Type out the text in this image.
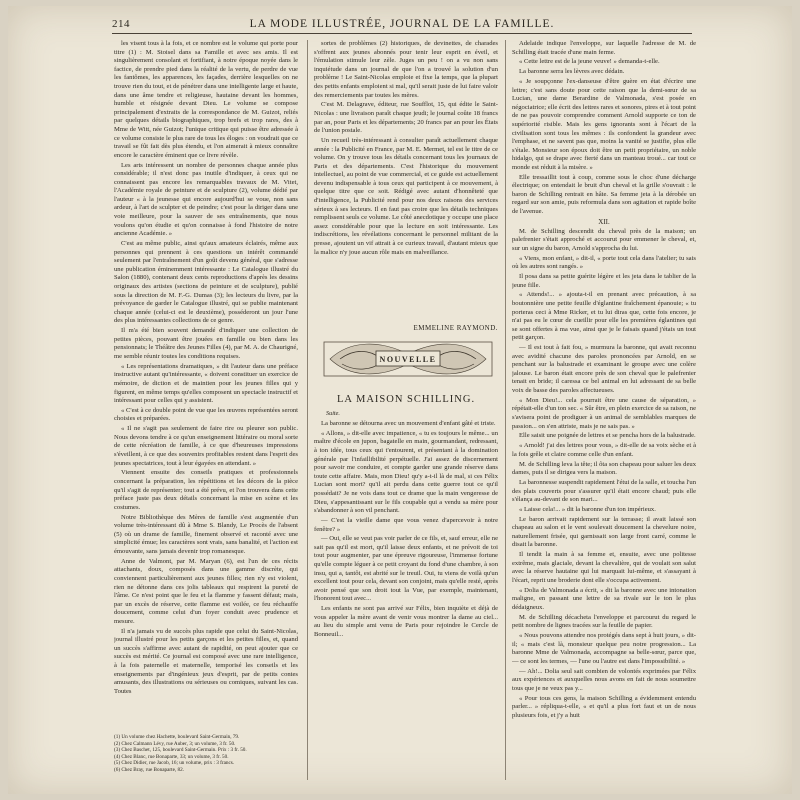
214	LA MODE ILLUSTRÉE, JOURNAL DE LA FAMILLE.

les visent tous à la fois, et ce nombre est le volume qui porte pour titre (1) : M. Stoisel dans sa Famille et avec ses amis. Il est singulièrement consolant et fortifiant, à notre époque noyée dans le factice, de prendre pied dans la réalité de la vertu, de perdre de vue les fantômes, les apparences, les façades, derrière lesquelles on ne trouve rien du tout, et de pénétrer dans une intelligente large et haute, dans une âme tendre et religieuse, hautaine devant les hommes, humble et résignée devant Dieu. Le volume se compose principalement d'extraits de la correspondance de M. Guizot, reliés par quelques détails biographiques, trop brefs et trop rares, des à Mme de Witt, née Guizot; l'unique critique qui puisse être adressée à ce volume consiste le plus rare de tous les éloges : on voudrait que ce travail se fût fait dès plus étendu, et l'on aimerait à mieux connaître encore le caractère éminent que ce livre révèle.

Les arts intéressent un nombre de personnes chaque année plus considérable; il n'est donc pas inutile d'indiquer, à ceux qui ne connaissent pas encore les remarquables travaux de M. Vitet, l'Académie royale de peinture et de sculpture (2), volume dédié par l'auteur « à la jeunesse qui encore aujourd'hui se voue, non sans ardeur, à l'art de sculpter et de peindre; c'est pour la diriger dans une voie meilleure, pour la sauver de ses entraînements, que nous voulons qu'on étudie et qu'on connaisse à fond l'histoire de notre ancienne Académie. »

C'est au même public, ainsi qu'aux amateurs éclairés, même aux personnes qui prennent à ces questions un intérêt commandé seulement par l'entraînement d'un goût devenu général, que s'adresse une publication éminemment intéressante : Le Catalogue illustré du Salon (1880), contenant deux cents reproductions d'après les dessins originaux des artistes (sections de peinture et de sculpture), publié sous la direction de M. F.-G. Dumas (3); les lecteurs du livre, par la prévoyance de garder le Catalogue illustré, qui se publie maintenant chaque année (celui-ci est le deuxième), posséderont un jour l'une des plus intéressantes collections de ce genre.

Il m'a été bien souvent demandé d'indiquer une collection de petites pièces, pouvant être jouées en famille ou bien dans les pensionnats; le Théâtre des Jeunes Filles (4), par M. A. de Chaurigné, me semble réunir toutes les conditions requises.

« Les représentations dramatiques, » dit l'auteur dans une préface instructive autant qu'intéressante, « doivent constituer un exercice de mémoire, de diction et de maintien pour les jeunes filles qui y figurent, en même temps qu'elles composent un spectacle instructif et intéressant pour celles qui y assistent.

« C'est à ce double point de vue que les œuvres représentées seront choisies et préparées.

« Il ne s'agit pas seulement de faire rire ou pleurer son public. Nous devons tendre à ce qu'un enseignement littéraire ou moral sorte de cette récréation de famille, à ce que d'heureuses impressions s'éveillent, à ce que des souvenirs profitables restent dans l'esprit des jeunes spectatrices, tout à leur égayées en attendant. »

Viennent ensuite des conseils pratiques et professionnels concernant la préparation, les répétitions et les décors de la pièce qu'il s'agit de représenter; tout a été prévu, et l'on trouvera dans cette préface juste pas deux détails concernant la mise en scène et les costumes.

Notre Bibliothèque des Mères de famille s'est augmentée d'un volume très-intéressant dû à Mme S. Blandy, Le Procès de l'absent (5) où un drame de famille, finement observé et raconté avec une simplicité émue; les caractères sont vrais, sans banalité, et l'action est émouvante, sans jamais devenir trop romanesque.

Anne de Valmont, par M. Maryan (6), est l'un de ces récits attachants, doux, composés dans une gamme discrète, qui conviennent particulièrement aux jeunes filles; rien n'y est violent, rien ne détonne dans ces jolis tableaux qui respirent la pureté de l'âme. Ce n'est point que le feu et la flamme y fassent défaut; mais, par un excès de réserve, cette flamme est voilée, ce feu réchauffe doucement, comme celui d'un foyer conduit avec prudence et mesure.

Il n'a jamais vu de succès plus rapide que celui du Saint-Nicolas, journal illustré pour les petits garçons et les petites filles, et, quand un succès s'affirme avec autant de rapidité, on peut ajouter que ce succès est mérité. Ce journal est composé avec une rare intelligence, à la fois paternelle et maternelle, temporisé les conseils et les enseignements par d'ingénieux jeux d'esprit, par de petits contes amusants, des illustrations ou sérieuses ou comiques, suivant les cas. Toutes

(1) Un volume chez Hachette, boulevard Saint-Germain, 79.
(2) Chez Calmann Lévy, rue Auber, 3; un volume, 3 fr. 50.
(3) Chez Baschet, 125, boulevard Saint-Germain. Prix : 3 fr. 50.
(4) Chez Blanc, rue Bonaparte, 33; un volume, 3 fr. 50.
(5) Chez Didier, rue Jacob, 16; un volume, prix : 3 francs.
(6) Chez Bray, rue Bonaparte, 82.

sortes de problèmes (2) historiques, de devinettes, de charades s'offrent aux jeunes abonnés pour tenir leur esprit en éveil, et l'émulation stimule leur zèle. Juges un peu ! on a vu non sans inquiétude dans un journal de que l'on a trouvé la solution d'un problème ! Le Saint-Nicolas emploie et fixe la temps, que la plupart des petits enfants emploient si mal, qu'il serait juste de lui faire valoir des remerciements par toutes les mères.

C'est M. Delagrave, éditeur, rue Soufflot, 15, qui édite le Saint-Nicolas : une livraison paraît chaque jeudi; le journal coûte 18 francs par an, pour Paris et les départements; 20 francs par an pour les États de l'union postale.

Un recueil très-intéressant à consulter paraît actuellement chaque année : la Publicité en France, par M. E. Mermet, tel est le titre de ce volume. On y trouve tous les détails concernant tous les journaux de Paris et des départements. C'est l'historique du mouvement intellectuel, au point de vue commercial, et ce guide est actuellement devenu indispensable à tous ceux qui participent à ce mouvement, à quelque titre que ce soit. Rédigé avec autant d'honnêteté que d'intelligence, la Publicité rend pour nos deux raisons des services sérieux à ses lecteurs. Il en faut pas croire que les détails techniques remplissent seuls ce volume. Le côté anecdotique y occupe une place assez considérable pour que la lecture en soit intéressante. Les indiscrétions, les révélations concernant le personnel militant de la presse, ajoutent un vif attrait à ce curieux travail, d'autant mieux que la malice n'y joue aucun rôle mais en malveillance.

EMMELINE RAYMOND.
NOUVELLE
LA MAISON SCHILLING.
Suite.

La baronne se détourna avec un mouvement d'enfant gâté et triste.

« Allons, » dit-elle avec impatience, « tu es toujours le même... un maître d'école en jupon, bagatelle en main, gourmandant, redressant, à ton idée, tous ceux qui t'entourent, et présentant à la domination générale par l'infaillibilité perpétuelle. J'ai assez de discernement pour savoir me conduire, et compte garder une grande réserve dans toute cette affaire. Mais, mon Dieu! qu'y a-t-il là de mal, si ces Félix Lucian sont mort? qu'il ait perdu dans cette guerre tout ce qu'il possédait? Je ne vois dans tout ce drame que la main vengeresse de Dieu, s'appesantissant sur le fils coupable qui a vendu sa mère pour s'abandonner à son vil penchant.

— C'est la vieille dame que vous venez d'apercevoir à notre fenêtre? »

— Oui, elle se veut pas voir parler de ce fils, et, sauf erreur, elle ne sait pas qu'il est mort, qu'il laisse deux enfants, et ne prévoit de toi tout pour augmenter, par une épreuve rigoureuse, l'immense fortune qu'elle compte léguer à ce petit croyant du fond d'une chambre, à son insu, qui a, tantôt, est abrité sur le treuil. Oui, tu viens de voilà qu'un excellent tout pour cela, devant son conjoint, mais qu'elle resté, après avoir pensé que son droit tout la Vue, par exemple, maintenant, l'honorent tout avec...

Les enfants ne sont pas arrivé sur Félix, bien inquiète et déjà de vous appeler la mère avant de venir vous montrer la dame au ciel... au lieu du simple ami venu de Paris pour rejoindre le Cercle de Bonneuil...

Adelaide indique l'enveloppe, sur laquelle l'adresse de M. de Schilling était tracée d'une main ferme.

« Cette lettre est de la jeune veuve! » demanda-t-elle.

La baronne serra les lèvres avec dédain.

« Je soupçonne l'ex-danseuse d'être guère en état d'écrire une lettre; c'est sans doute pour cette raison que la demi-sœur de sa Lucian, une dame Berardine de Valmonada, s'est posée en négociatrice; elle écrit des lettres rares et sonores, pires et à tout point de ne pas pouvoir comprendre comment Arnold supporte ce ton de supériorité risible. Mais les gens ignorants sont à l'écart de la civilisation sont tous les mêmes : ils confondent la grandeur avec l'emphase, et ne savent pas que, moins la vanité se justifie, plus elle s'étale. Monsieur son époux doit être un petit propriétaire, un noble hidalgo, qui se drape avec fierté dans un manteau troué... car tout ce monde est réduit à la misère. »

Elle tressaillit tout à coup, comme sous le choc d'une décharge électrique; on entendait le bruit d'un cheval et la grille s'ouvrait : le baron de Schilling rentrait en hâte. Sa femme jeta à la dérobée un regard sur son amie, puis reformula dans son agitation et rapide boîte de l'avenue.

XII.

M. de Schilling descendit du cheval près de la maison; un palefrenier s'était approché et accourut pour emmener le cheval, et, sur un signe du baron, Arnold s'approcha du lui.

« Viens, mon enfant, » dit-il, « porte tout cela dans l'atelier; tu sais où les autres sont rangés. »

Il posa dans sa petite guérite légère et les jeta dans le tablier de la jeune fille.

« Attends!... » ajouta-t-il en prenant avec précaution, à sa boutonnière une petite feuille d'églantine fraîchement épanouie; « tu porteras ceci à Mme Ricker, et tu lui diras que, cette fois encore, je n'ai pas eu le cœur de cueillir pour elle les premières églantines qui se sont offertes à ma vue, ainsi que je le faisais quand j'étais un tout petit garçon.

— Il est tout à fait fou, » murmura la baronne, qui avait reconnu avec avidité chacune des paroles prononcées par Arnold, en se penchant sur la balustrade et examinant le groupe avec une colère jalouse. Le baron était encore près de son cheval que le palefrenier tenait en bride; il caressa ce bel animal en lui adressant de sa belle voix de basse des paroles affectueuses.

« Mon Dieu!... cela pourrait être une cause de séparation, » répétait-elle d'un ton sec. « Sûr être, en plein exercice de sa raison, ne s'avisera point de prodiguer à un animal de semblables marques de passion... on s'en attriste, mais je ne sais pas. »

Elle saisit une poignée de lettres et se pencha hors de la balustrade.

« Arnold! j'ai des lettres pour vous, » dit-elle de sa voix sèche et à la fois grêle et claire comme celle d'un enfant.

M. de Schilling leva la tête; il ôta son chapeau pour saluer les deux dames, puis il se dirigea vers la maison.

La baronnesse suspendit rapidement l'étui de la salle, et toucha l'un des plats couverts pour s'assurer qu'il était encore chaud; puis elle s'élança au-devant de son mari...

« Laisse cela!... » dit la baronne d'un ton impérieux.

Le baron arrivait rapidement sur la terrasse; il avait laissé son chapeau au salon et le vent soulevait doucement la chevelure noire, naturellement frisée, qui garnissait son large front carré, comme le disait la baronne.

Il tendit la main à sa femme et, ensuite, avec une politesse extrême, mais glaciale, devant la chevalière, qui de voulait son salut avec la réserve hautaine qui lui marquait lui-même, et s'assayant à l'écart, reprit une broderie dont elle s'occupa activement.

« Dolia de Valmonada a écrit, » dit la baronne avec une intonation maligne, en passant une lettre de sa rivale sur le ton le plus dédaigneux.

M. de Schilling décacheta l'enveloppe et parcourut du regard le petit nombre de lignes tracées sur la feuille de papier.

« Nous pouvons attendre nos protégés dans sept à huit jours, » dit-il; « mais c'est là, monsieur quelque peu notre progression... La baronne Mme de Valmonada, accompagne sa belle-sœur, parce que, — ce sont les termes, — l'une ou l'autre est dans l'impossibilité. »

— Ah!... Dolia seul sait combien de volontés exprimées par Félix aux expériences et auxquelles nous avons en fait de nous soumettre tous que je ne veux pas y...

« Pour tous ces gens, la maison Schilling a évidemment entendu parler... » répliqua-t-elle, « et qu'il a plus fort faut et un de nous plusieurs fois, et j'y a huit
